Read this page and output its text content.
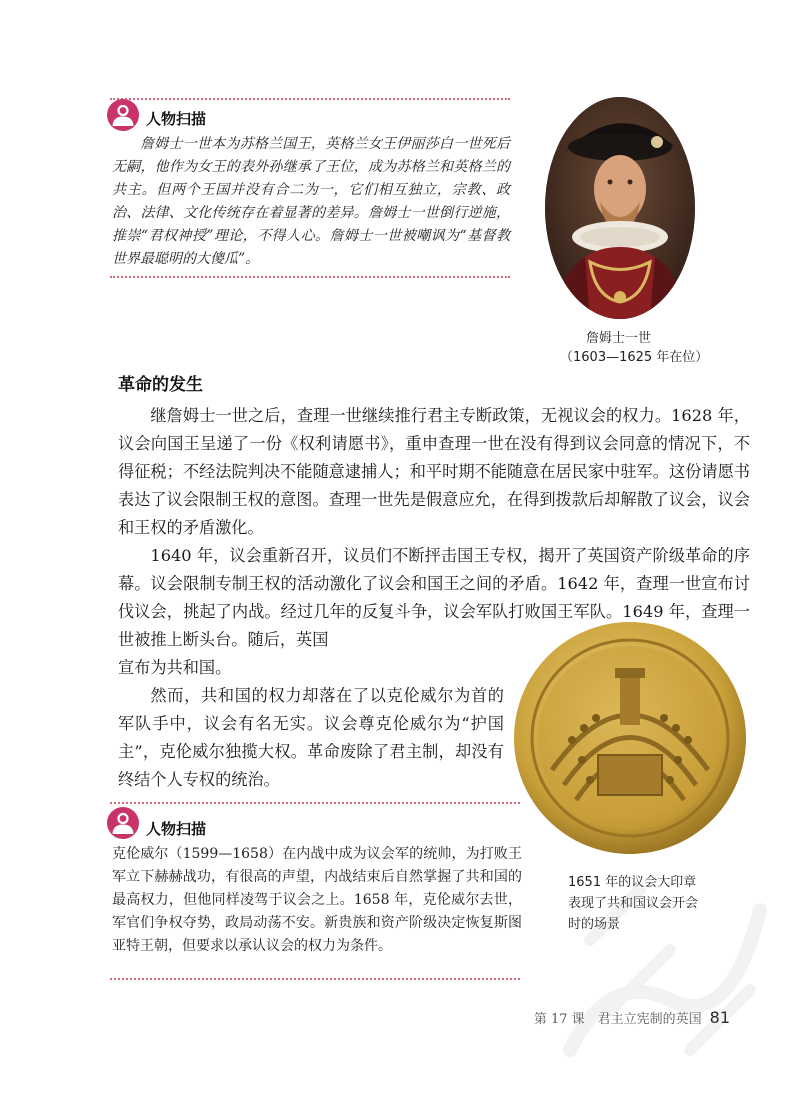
人物扫描

詹姆士一世本为苏格兰国王，英格兰女王伊丽莎白一世死后无嗣，他作为女王的表外孙继承了王位，成为苏格兰和英格兰的共主。但两个王国并没有合二为一，它们相互独立，宗教、政治、法律、文化传统存在着显著的差异。詹姆士一世倒行逆施，推崇“君权神授”理论，不得人心。詹姆士一世被嘲讽为“基督教世界最聪明的大傻瓜”。

詹姆士一世
（1603—1625 年在位）
革命的发生

继詹姆士一世之后，查理一世继续推行君主专断政策，无视议会的权力。1628 年，议会向国王呈递了一份《权利请愿书》，重申查理一世在没有得到议会同意的情况下，不得征税；不经法院判决不能随意逮捕人；和平时期不能随意在居民家中驻军。这份请愿书表达了议会限制王权的意图。查理一世先是假意应允，在得到拨款后却解散了议会，议会和王权的矛盾激化。

1640 年，议会重新召开，议员们不断抨击国王专权，揭开了英国资产阶级革命的序幕。议会限制专制王权的活动激化了议会和国王之间的矛盾。1642 年，查理一世宣布讨伐议会，挑起了内战。经过几年的反复斗争，议会军队打败国王军队。1649 年，查理一世被推上断头台。随后，英国

宣布为共和国。

然而，共和国的权力却落在了以克伦威尔为首的军队手中，议会有名无实。议会尊克伦威尔为“护国主”，克伦威尔独揽大权。革命废除了君主制，却没有终结个人专权的统治。

1651 年的议会大印章表现了共和国议会开会时的场景
人物扫描

克伦威尔（1599—1658）在内战中成为议会军的统帅，为打败王军立下赫赫战功，有很高的声望，内战结束后自然掌握了共和国的最高权力，但他同样凌驾于议会之上。1658 年，克伦威尔去世，军官们争权夺势，政局动荡不安。新贵族和资产阶级决定恢复斯图亚特王朝，但要求以承认议会的权力为条件。

第 17 课　君主立宪制的英国 81
